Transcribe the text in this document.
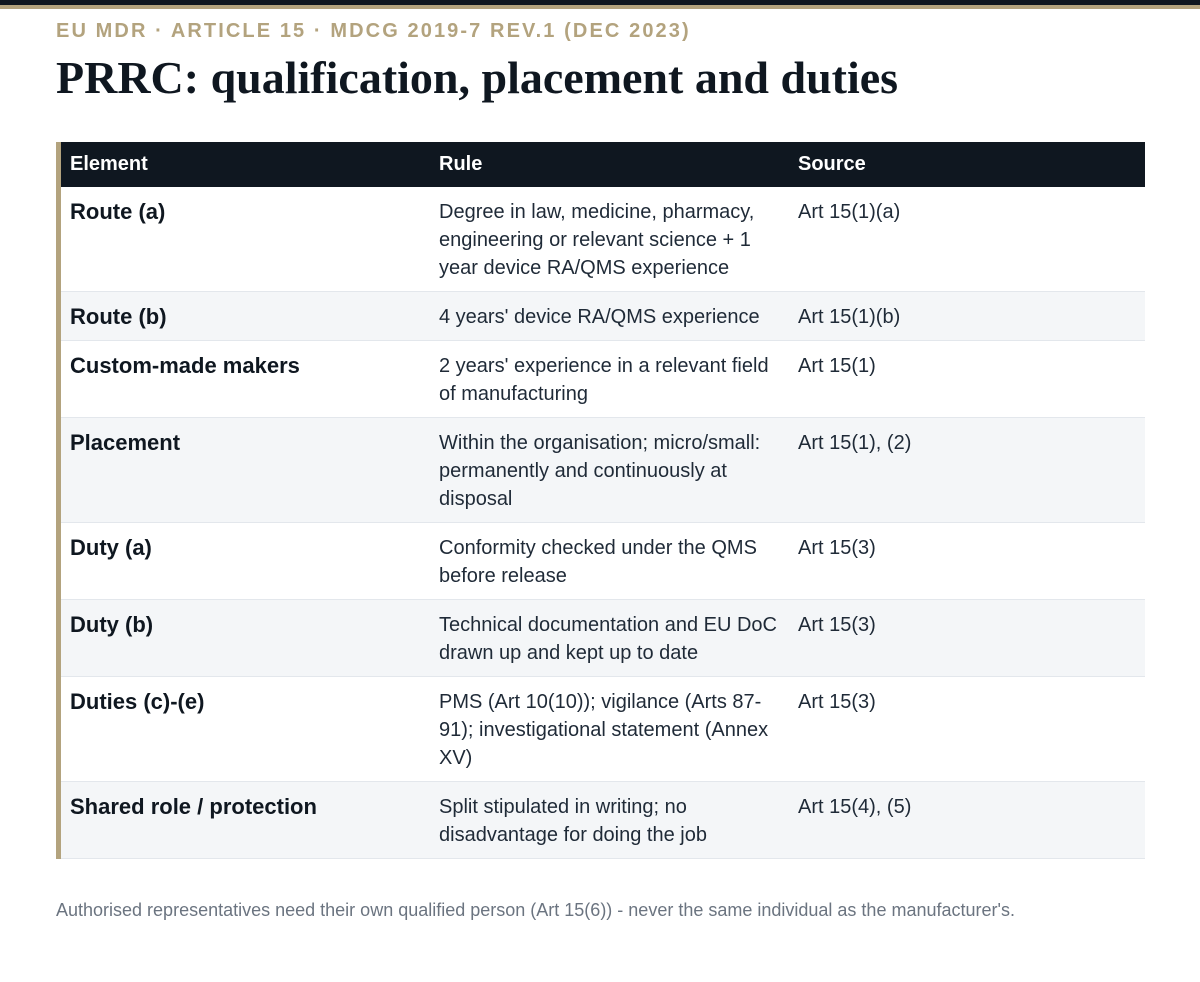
EU MDR · ARTICLE 15 · MDCG 2019-7 REV.1 (DEC 2023)
PRRC: qualification, placement and duties
Element	Rule	Source
Route (a)	Degree in law, medicine, pharmacy, engineering or relevant science + 1 year device RA/QMS experience	Art 15(1)(a)
Route (b)	4 years' device RA/QMS experience	Art 15(1)(b)
Custom-made makers	2 years' experience in a relevant field of manufacturing	Art 15(1)
Placement	Within the organisation; micro/small: permanently and continuously at disposal	Art 15(1), (2)
Duty (a)	Conformity checked under the QMS before release	Art 15(3)
Duty (b)	Technical documentation and EU DoC drawn up and kept up to date	Art 15(3)
Duties (c)-(e)	PMS (Art 10(10)); vigilance (Arts 87-91); investigational statement (Annex XV)	Art 15(3)
Shared role / protection	Split stipulated in writing; no disadvantage for doing the job	Art 15(4), (5)
Authorised representatives need their own qualified person (Art 15(6)) - never the same individual as the manufacturer's.
